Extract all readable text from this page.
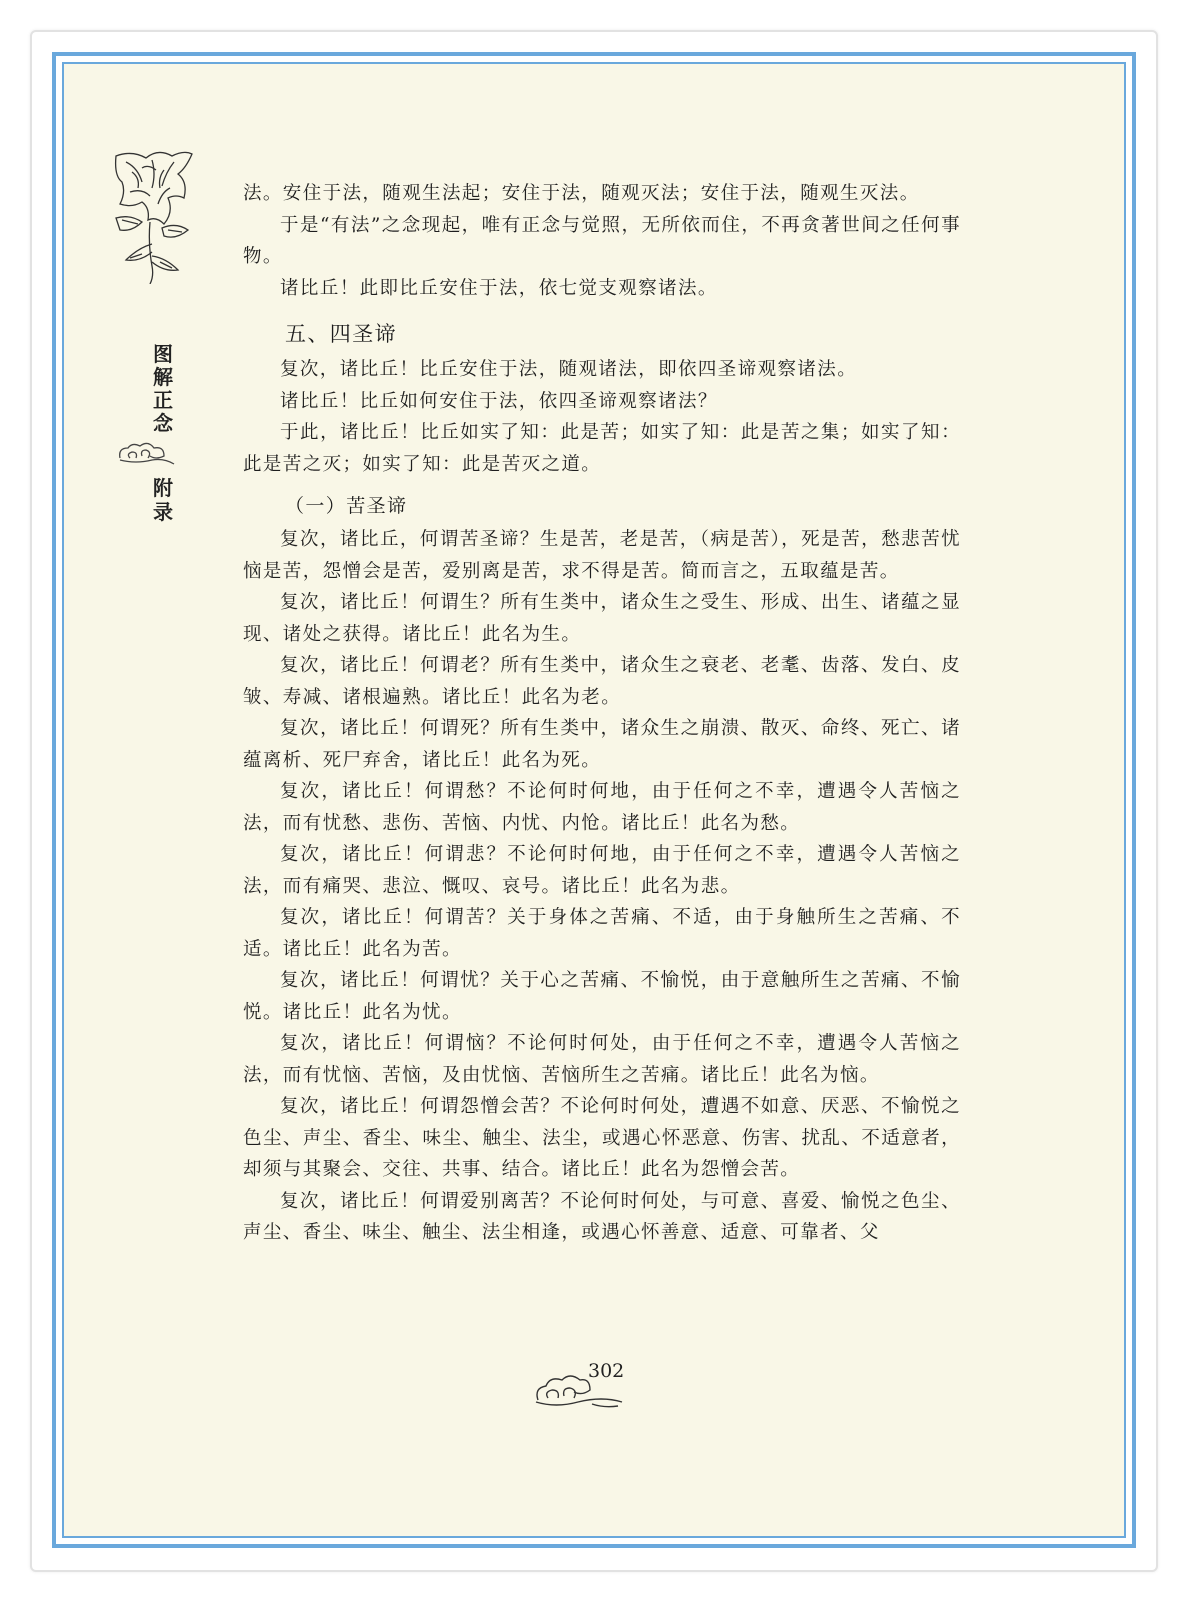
图
解
正
念
附
录

法。安住于法，随观生法起；安住于法，随观灭法；安住于法，随观生灭法。

于是“有法”之念现起，唯有正念与觉照，无所依而住，不再贪著世间之任何事物。

诸比丘！此即比丘安住于法，依七觉支观察诸法。

五、四圣谛

复次，诸比丘！比丘安住于法，随观诸法，即依四圣谛观察诸法。

诸比丘！比丘如何安住于法，依四圣谛观察诸法？

于此，诸比丘！比丘如实了知：此是苦；如实了知：此是苦之集；如实了知：此是苦之灭；如实了知：此是苦灭之道。

（一）苦圣谛

复次，诸比丘，何谓苦圣谛？生是苦，老是苦，（病是苦），死是苦，愁悲苦忧恼是苦，怨憎会是苦，爱别离是苦，求不得是苦。简而言之，五取蕴是苦。

复次，诸比丘！何谓生？所有生类中，诸众生之受生、形成、出生、诸蕴之显现、诸处之获得。诸比丘！此名为生。

复次，诸比丘！何谓老？所有生类中，诸众生之衰老、老耄、齿落、发白、皮皱、寿减、诸根遍熟。诸比丘！此名为老。

复次，诸比丘！何谓死？所有生类中，诸众生之崩溃、散灭、命终、死亡、诸蕴离析、死尸弃舍，诸比丘！此名为死。

复次，诸比丘！何谓愁？不论何时何地，由于任何之不幸，遭遇令人苦恼之法，而有忧愁、悲伤、苦恼、内忧、内怆。诸比丘！此名为愁。

复次，诸比丘！何谓悲？不论何时何地，由于任何之不幸，遭遇令人苦恼之法，而有痛哭、悲泣、慨叹、哀号。诸比丘！此名为悲。

复次，诸比丘！何谓苦？关于身体之苦痛、不适，由于身触所生之苦痛、不适。诸比丘！此名为苦。

复次，诸比丘！何谓忧？关于心之苦痛、不愉悦，由于意触所生之苦痛、不愉悦。诸比丘！此名为忧。

复次，诸比丘！何谓恼？不论何时何处，由于任何之不幸，遭遇令人苦恼之法，而有忧恼、苦恼，及由忧恼、苦恼所生之苦痛。诸比丘！此名为恼。

复次，诸比丘！何谓怨憎会苦？不论何时何处，遭遇不如意、厌恶、不愉悦之色尘、声尘、香尘、味尘、触尘、法尘，或遇心怀恶意、伤害、扰乱、不适意者，却须与其聚会、交往、共事、结合。诸比丘！此名为怨憎会苦。

复次，诸比丘！何谓爱别离苦？不论何时何处，与可意、喜爱、愉悦之色尘、声尘、香尘、味尘、触尘、法尘相逢，或遇心怀善意、适意、可靠者、父

302
